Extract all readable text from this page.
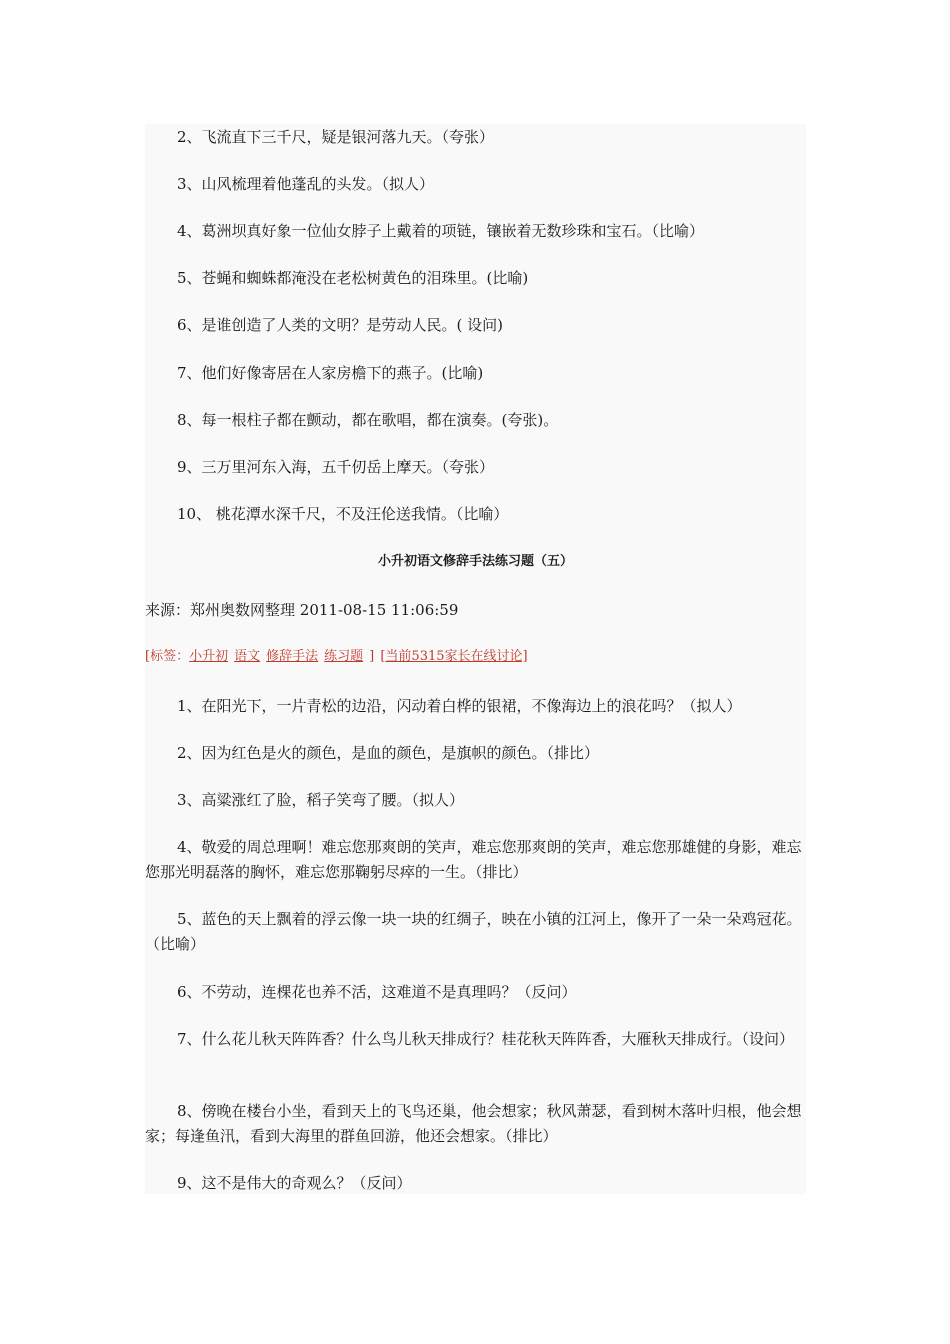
2、飞流直下三千尺，疑是银河落九天。（夸张）
3、山风梳理着他蓬乱的头发。（拟人）
4、葛洲坝真好象一位仙女脖子上戴着的项链，镶嵌着无数珍珠和宝石。（比喻）
5、苍蝇和蜘蛛都淹没在老松树黄色的泪珠里。(比喻)
6、是谁创造了人类的文明？是劳动人民。( 设问)
7、他们好像寄居在人家房檐下的燕子。(比喻)
8、每一根柱子都在颤动，都在歌唱，都在演奏。(夸张)。
9、三万里河东入海，五千仞岳上摩天。（夸张）
10、 桃花潭水深千尺，不及汪伦送我情。（比喻）
小升初语文修辞手法练习题（五）
来源：郑州奥数网整理 2011-08-15 11:06:59
[标签：小升初 语文 修辞手法 练习题 ] [当前5315家长在线讨论]
1、在阳光下，一片青松的边沿，闪动着白桦的银裙，不像海边上的浪花吗？（拟人）
2、因为红色是火的颜色，是血的颜色，是旗帜的颜色。（排比）
3、高粱涨红了脸，稻子笑弯了腰。（拟人）
4、敬爱的周总理啊！难忘您那爽朗的笑声，难忘您那爽朗的笑声，难忘您那雄健的身影，难忘您那光明磊落的胸怀，难忘您那鞠躬尽瘁的一生。（排比）
5、蓝色的天上飘着的浮云像一块一块的红绸子，映在小镇的江河上，像开了一朵一朵鸡冠花。（比喻）
6、不劳动，连棵花也养不活，这难道不是真理吗？（反问）
7、什么花儿秋天阵阵香？什么鸟儿秋天排成行？桂花秋天阵阵香，大雁秋天排成行。（设问）
8、傍晚在楼台小坐，看到天上的飞鸟还巢，他会想家；秋风萧瑟，看到树木落叶归根，他会想家；每逢鱼汛，看到大海里的群鱼回游，他还会想家。（排比）
9、这不是伟大的奇观么？（反问）
